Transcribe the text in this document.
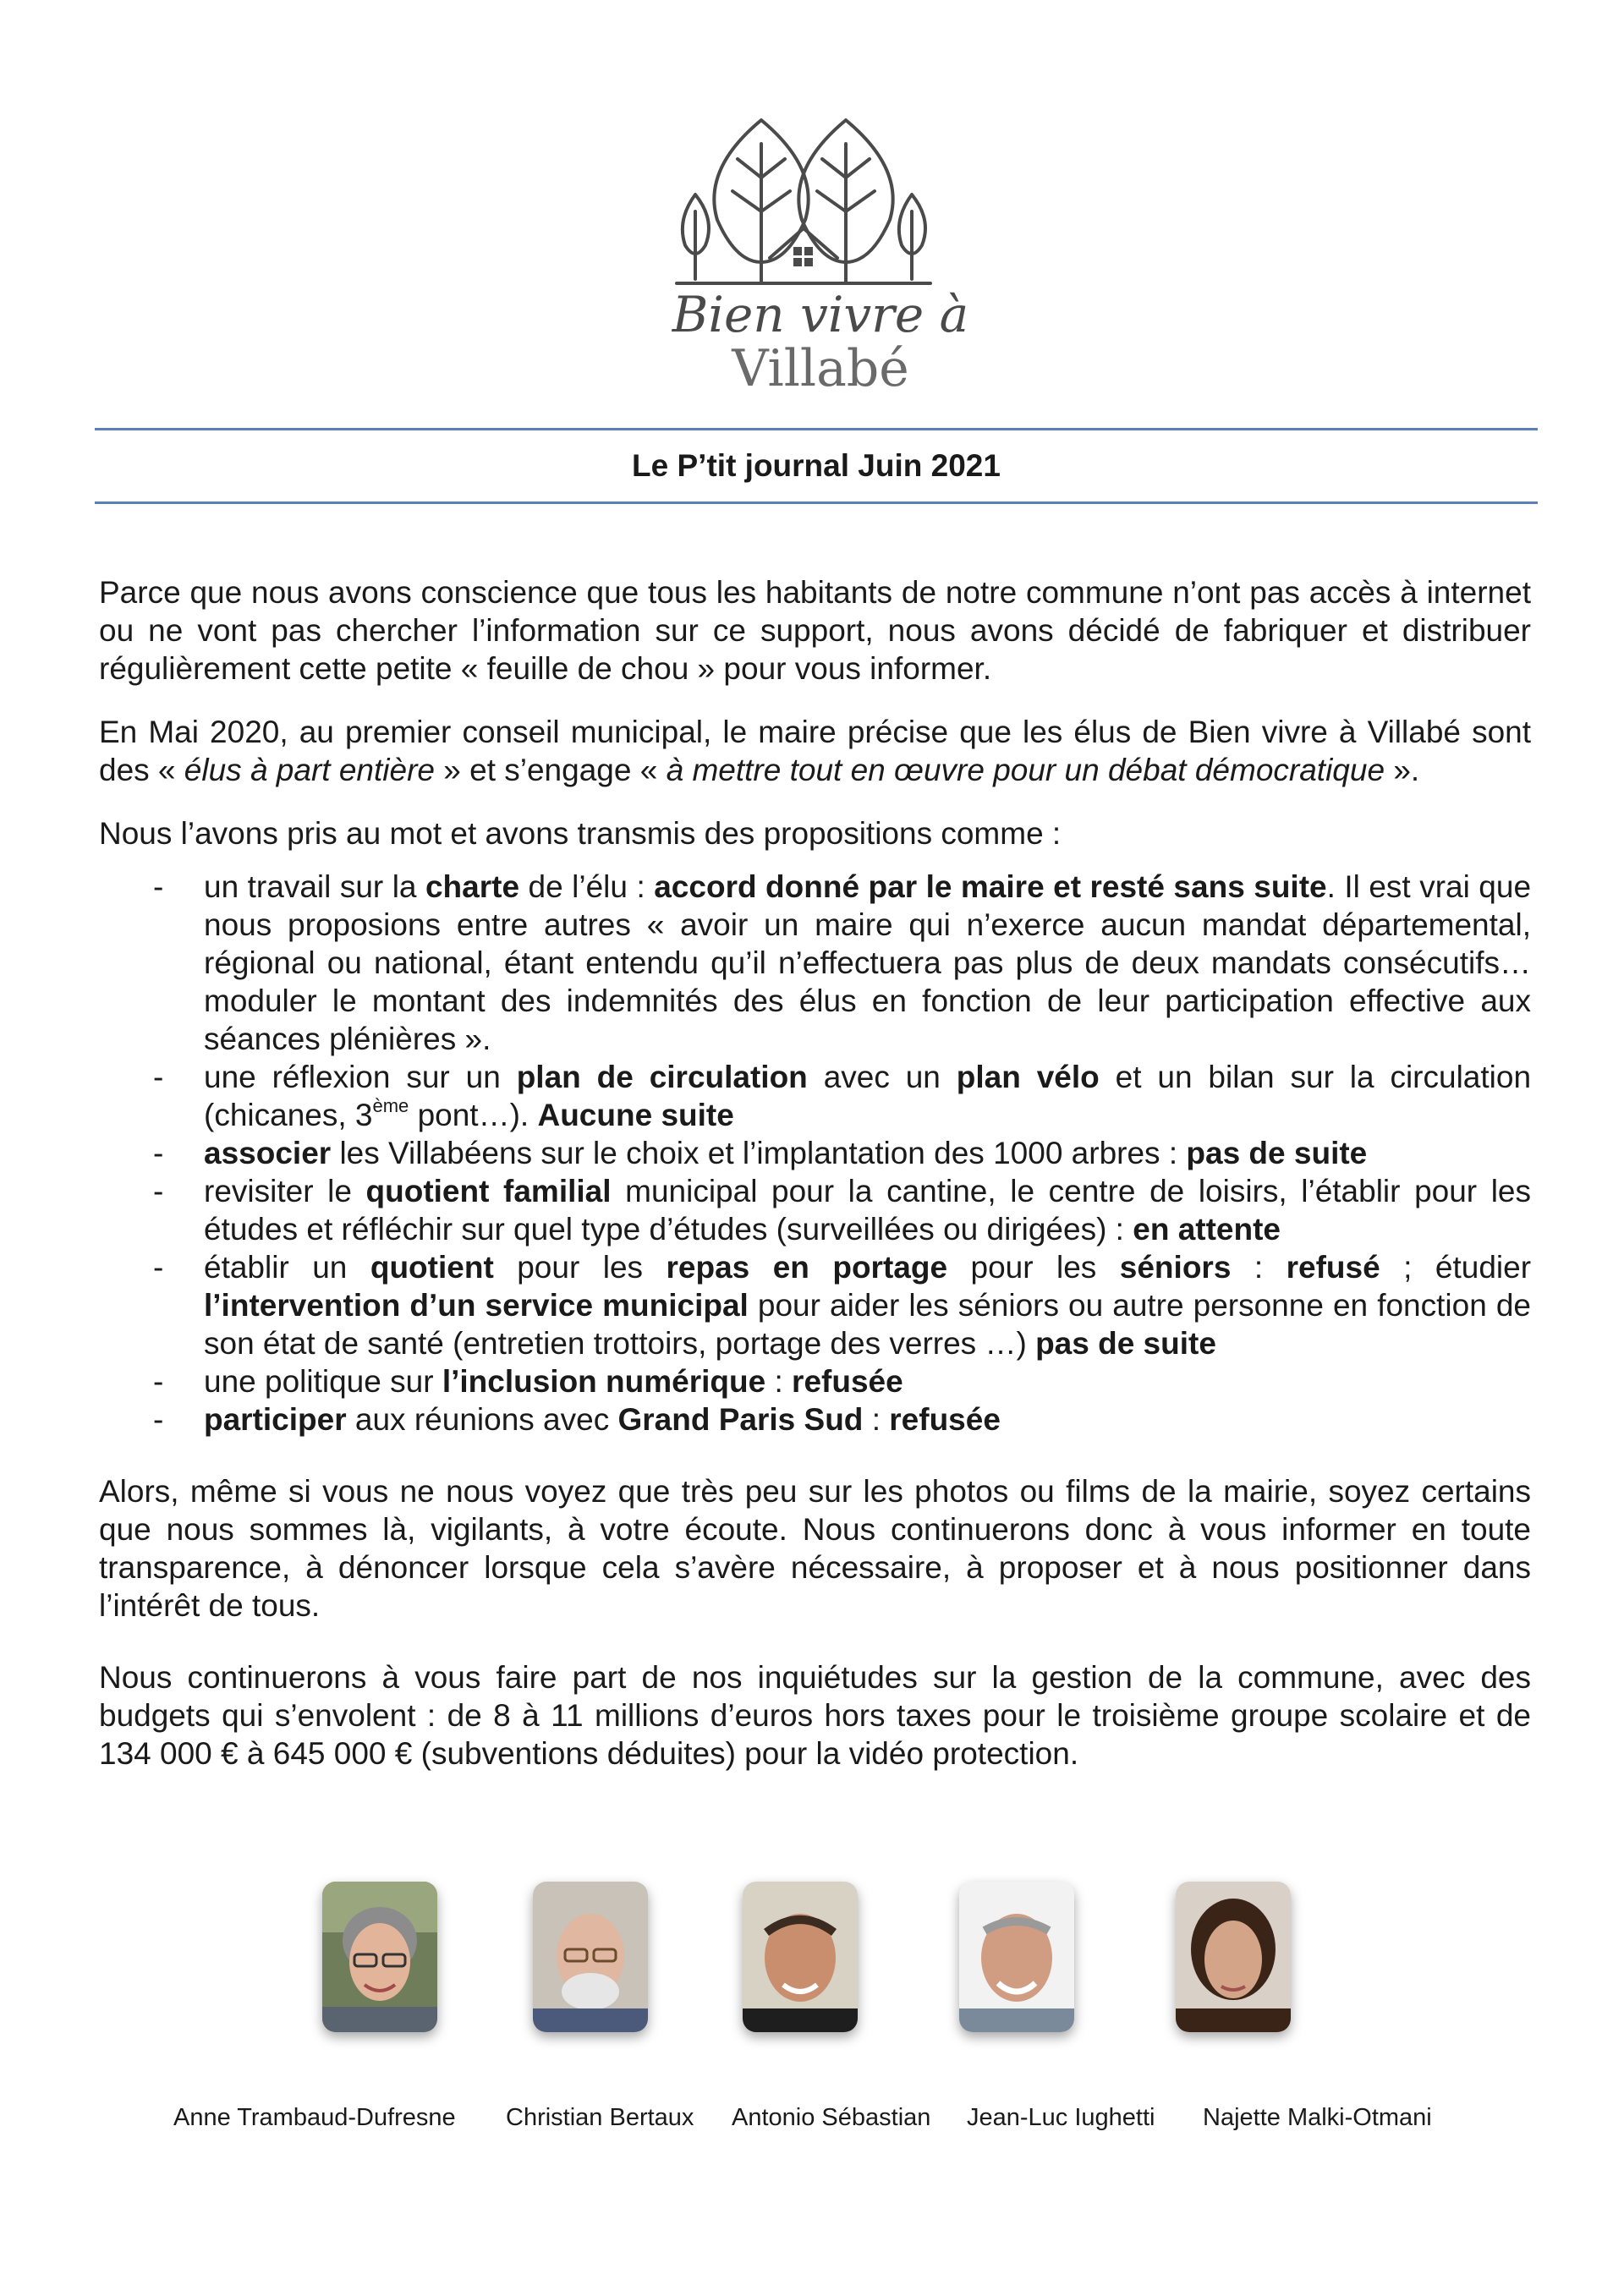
Bien vivre à
Villabé
Le P’tit journal Juin 2021

Parce que nous avons conscience que tous les habitants de notre commune n’ont pas accès à internet ou ne vont pas chercher l’information sur ce support, nous avons décidé de fabriquer et distribuer régulièrement cette petite « feuille de chou » pour vous informer.

En Mai 2020, au premier conseil municipal, le maire précise que les élus de Bien vivre à Villabé sont des « élus à part entière » et s’engage « à mettre tout en œuvre pour un débat démocratique ».

Nous l’avons pris au mot et avons transmis des propositions comme :

- un travail sur la charte de l’élu : accord donné par le maire et resté sans suite. Il est vrai que nous proposions entre autres « avoir un maire qui n’exerce aucun mandat départemental, régional ou national, étant entendu qu’il n’effectuera pas plus de deux mandats consécutifs… moduler le montant des indemnités des élus en fonction de leur participation effective aux séances plénières ».
- une réflexion sur un plan de circulation avec un plan vélo et un bilan sur la circulation (chicanes, 3ème pont…). Aucune suite
- associer les Villabéens sur le choix et l’implantation des 1000 arbres : pas de suite
- revisiter le quotient familial municipal pour la cantine, le centre de loisirs, l’établir pour les études et réfléchir sur quel type d’études (surveillées ou dirigées) : en attente
- établir un quotient pour les repas en portage pour les séniors : refusé ; étudier l’intervention d’un service municipal pour aider les séniors ou autre personne en fonction de son état de santé (entretien trottoirs, portage des verres …) pas de suite
- une politique sur l’inclusion numérique : refusée
- participer aux réunions avec Grand Paris Sud : refusée

Alors, même si vous ne nous voyez que très peu sur les photos ou films de la mairie, soyez certains que nous sommes là, vigilants, à votre écoute. Nous continuerons donc à vous informer en toute transparence, à dénoncer lorsque cela s’avère nécessaire, à proposer et à nous positionner dans l’intérêt de tous.

Nous continuerons à vous faire part de nos inquiétudes sur la gestion de la commune, avec des budgets qui s’envolent : de 8 à 11 millions d’euros hors taxes pour le troisième groupe scolaire et de 134 000 € à 645 000 € (subventions déduites) pour la vidéo protection.

Anne Trambaud-Dufresne Christian Bertaux Antonio Sébastian Jean-Luc Iughetti Najette Malki-Otmani
